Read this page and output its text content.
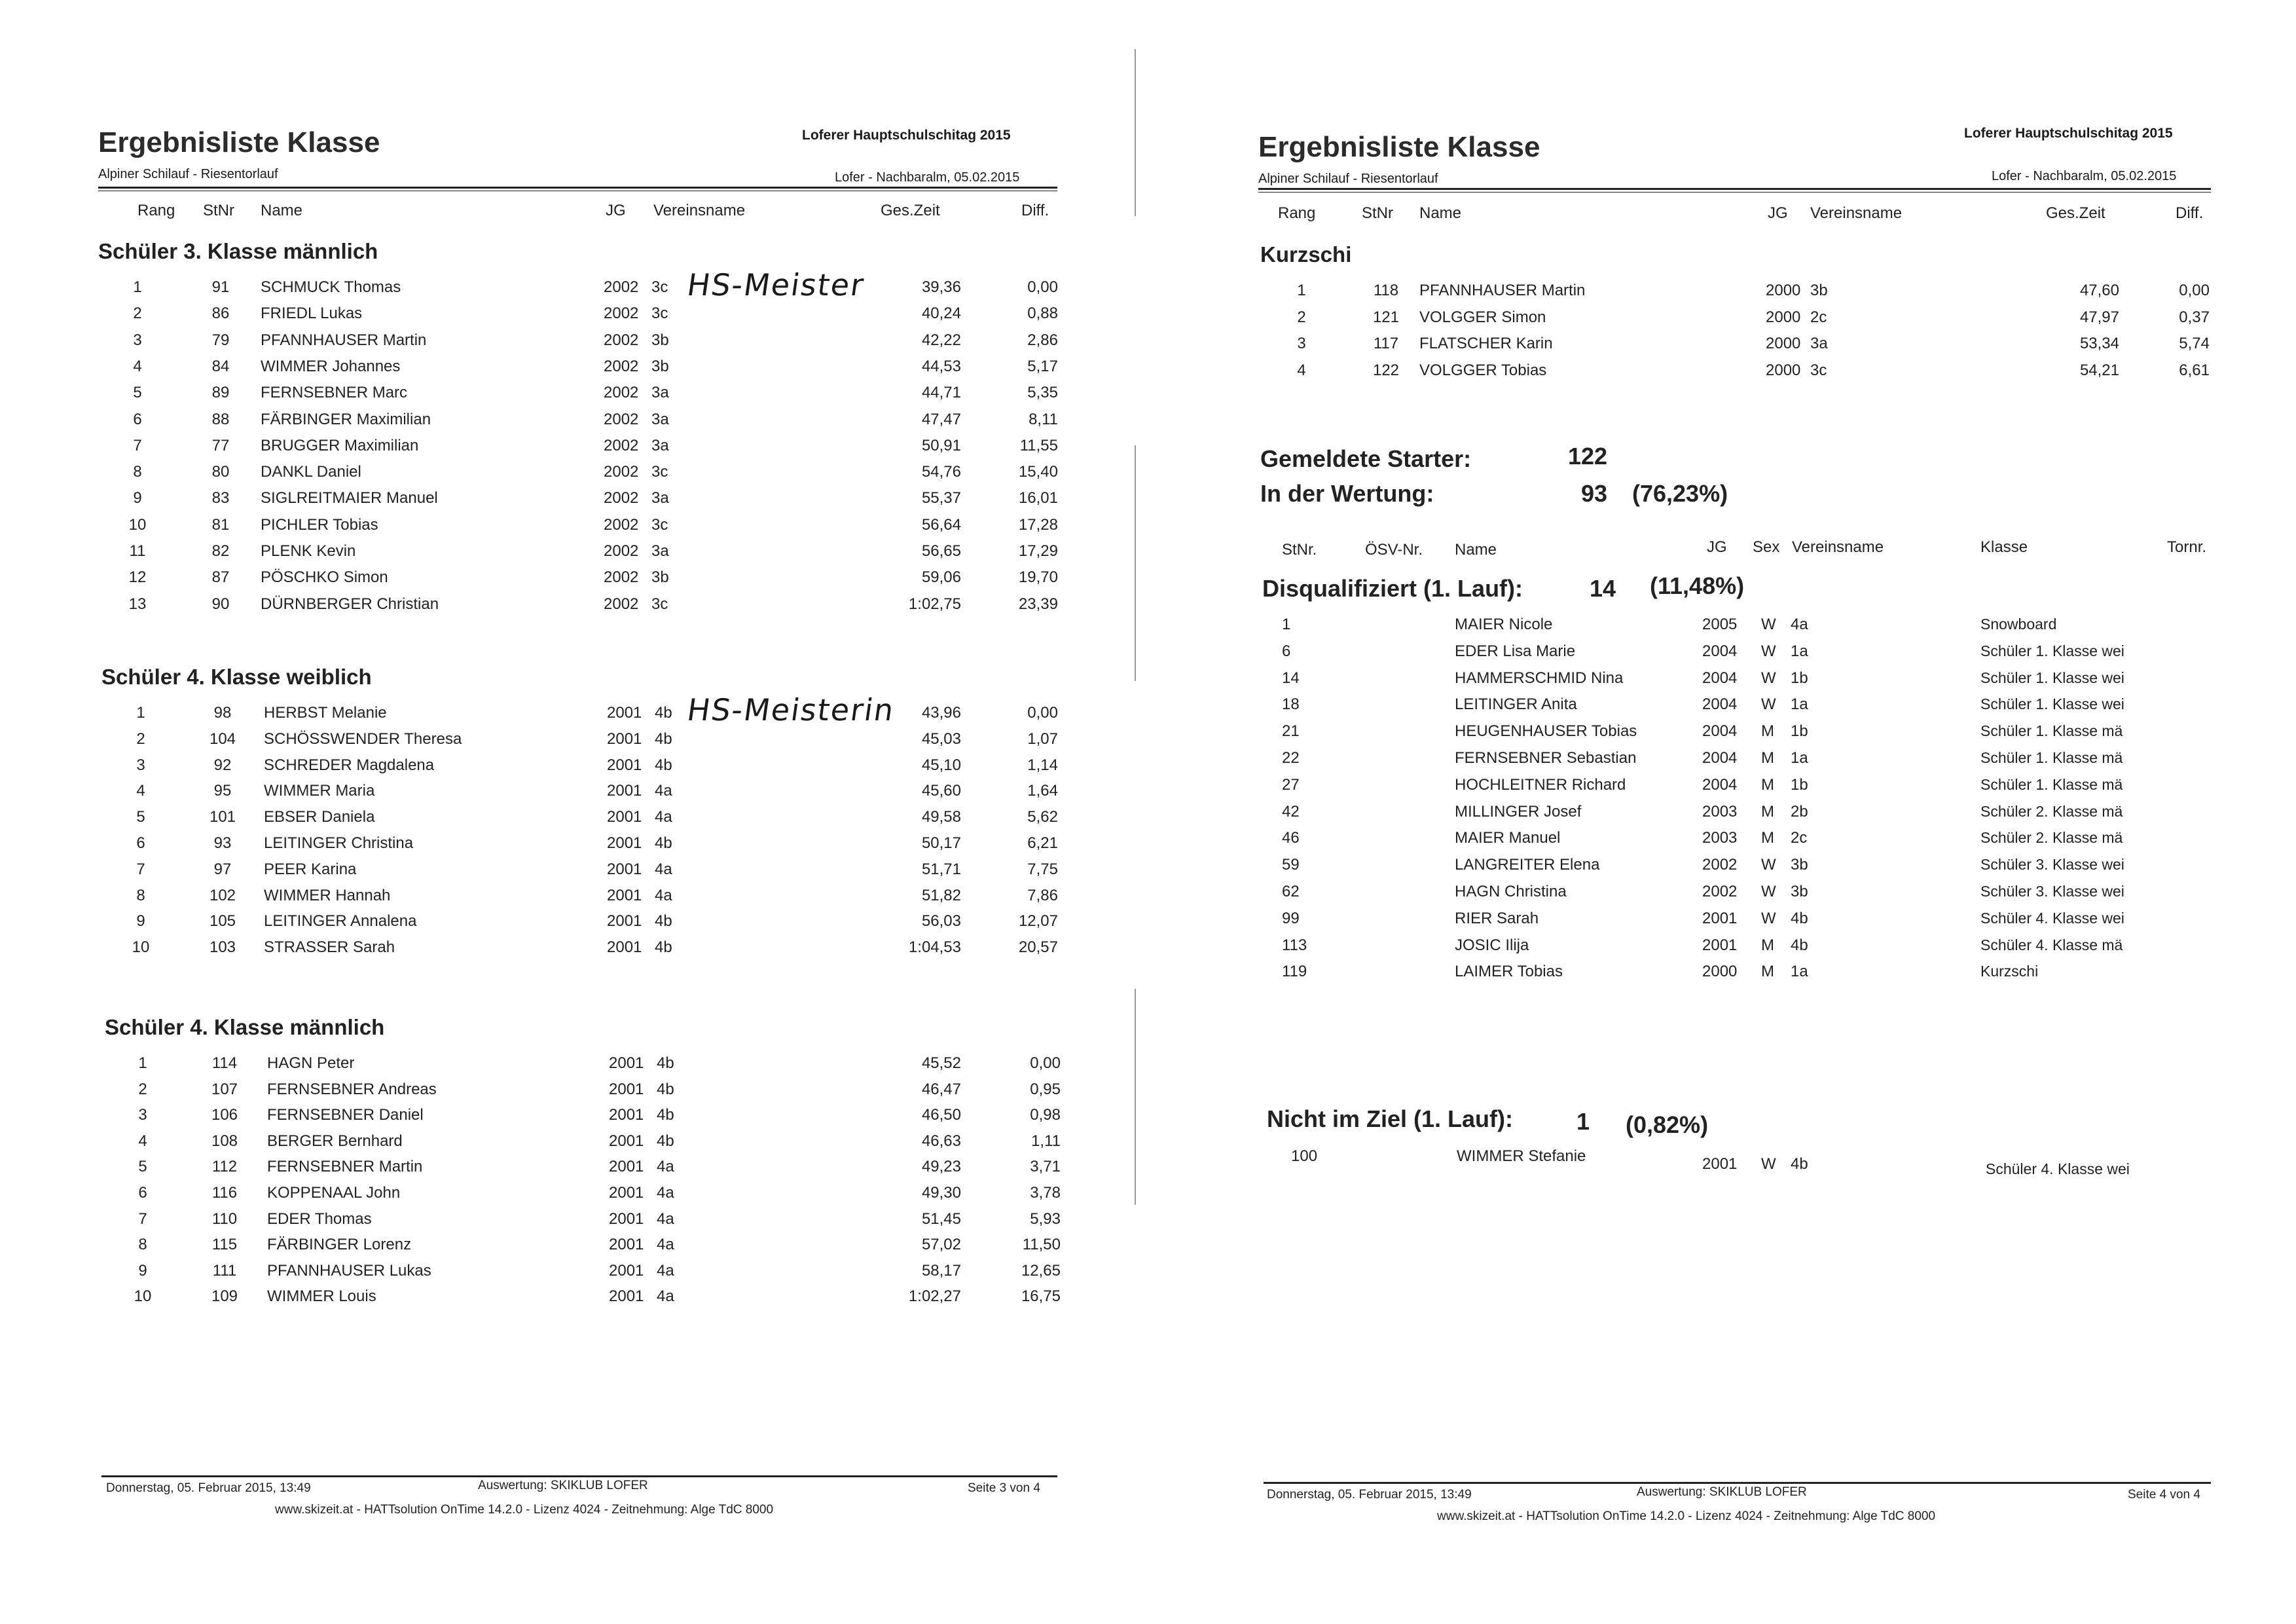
Ergebnisliste Klasse	Loferer Hauptschulschitag 2015
Alpiner Schilauf - Riesentorlauf	Lofer - Nachbaralm, 05.02.2015
Rang StNr Name	JG Vereinsname	Ges.Zeit	Diff.
Schüler 3. Klasse männlich
HS-Meister
1	91	SCHMUCK Thomas	2002 3c	39,36	0,00
2	86	FRIEDL Lukas	2002 3c	40,24	0,88
3	79	PFANNHAUSER Martin	2002 3b	42,22	2,86
4	84	WIMMER Johannes	2002 3b	44,53	5,17
5	89	FERNSEBNER Marc	2002 3a	44,71	5,35
6	88	FÄRBINGER Maximilian	2002 3a	47,47	8,11
7	77	BRUGGER Maximilian	2002 3a	50,91	11,55
8	80	DANKL Daniel	2002 3c	54,76	15,40
9	83	SIGLREITMAIER Manuel	2002 3a	55,37	16,01
10	81	PICHLER Tobias	2002 3c	56,64	17,28
11	82	PLENK Kevin	2002 3a	56,65	17,29
12	87	PÖSCHKO Simon	2002 3b	59,06	19,70
13	90	DÜRNBERGER Christian	2002 3c	1:02,75	23,39
Schüler 4. Klasse weiblich
HS-Meisterin
1	98	HERBST Melanie	2001 4b	43,96	0,00
2	104	SCHÖSSWENDER Theresa	2001 4b	45,03	1,07
3	92	SCHREDER Magdalena	2001 4b	45,10	1,14
4	95	WIMMER Maria	2001 4a	45,60	1,64
5	101	EBSER Daniela	2001 4a	49,58	5,62
6	93	LEITINGER Christina	2001 4b	50,17	6,21
7	97	PEER Karina	2001 4a	51,71	7,75
8	102	WIMMER Hannah	2001 4a	51,82	7,86
9	105	LEITINGER Annalena	2001 4b	56,03	12,07
10	103	STRASSER Sarah	2001 4b	1:04,53	20,57
Schüler 4. Klasse männlich
1	114	HAGN Peter	2001 4b	45,52	0,00
2	107	FERNSEBNER Andreas	2001 4b	46,47	0,95
3	106	FERNSEBNER Daniel	2001 4b	46,50	0,98
4	108	BERGER Bernhard	2001 4b	46,63	1,11
5	112	FERNSEBNER Martin	2001 4a	49,23	3,71
6	116	KOPPENAAL John	2001 4a	49,30	3,78
7	110	EDER Thomas	2001 4a	51,45	5,93
8	115	FÄRBINGER Lorenz	2001 4a	57,02	11,50
9	111	PFANNHAUSER Lukas	2001 4a	58,17	12,65
10	109	WIMMER Louis	2001 4a	1:02,27	16,75
Donnerstag, 05. Februar 2015, 13:49	Auswertung: SKIKLUB LOFER	Seite 3 von 4
www.skizeit.at - HATTsolution OnTime 14.2.0 - Lizenz 4024 - Zeitnehmung: Alge TdC 8000
Ergebnisliste Klasse	Loferer Hauptschulschitag 2015
Alpiner Schilauf - Riesentorlauf	Lofer - Nachbaralm, 05.02.2015
Rang	StNr Name	JG Vereinsname	Ges.Zeit	Diff.
Kurzschi
1	118	PFANNHAUSER Martin	2000 3b	47,60	0,00
2	121	VOLGGER Simon	2000 2c	47,97	0,37
3	117	FLATSCHER Karin	2000 3a	53,34	5,74
4	122	VOLGGER Tobias	2000 3c	54,21	6,61
Gemeldete Starter:	122
In der Wertung:	93 (76,23%)
StNr.	ÖSV-Nr. Name	JG Sex Vereinsname	Klasse	Tornr.
Disqualifiziert (1. Lauf):	14 (11,48%)
1	MAIER Nicole	2005 W 4a	Snowboard
6	EDER Lisa Marie	2004 W 1a	Schüler 1. Klasse wei
14	HAMMERSCHMID Nina	2004 W 1b	Schüler 1. Klasse wei
18	LEITINGER Anita	2004 W 1a	Schüler 1. Klasse wei
21	HEUGENHAUSER Tobias	2004 M 1b	Schüler 1. Klasse mä
22	FERNSEBNER Sebastian	2004 M 1a	Schüler 1. Klasse mä
27	HOCHLEITNER Richard	2004 M 1b	Schüler 1. Klasse mä
42	MILLINGER Josef	2003 M 2b	Schüler 2. Klasse mä
46	MAIER Manuel	2003 M 2c	Schüler 2. Klasse mä
59	LANGREITER Elena	2002 W 3b	Schüler 3. Klasse wei
62	HAGN Christina	2002 W 3b	Schüler 3. Klasse wei
99	RIER Sarah	2001 W 4b	Schüler 4. Klasse wei
113	JOSIC Ilija	2001 M 4b	Schüler 4. Klasse mä
119	LAIMER Tobias	2000 M 1a	Kurzschi
Nicht im Ziel (1. Lauf):	1 (0,82%)
100	WIMMER Stefanie	2001 W 4b	Schüler 4. Klasse wei
Donnerstag, 05. Februar 2015, 13:49	Auswertung: SKIKLUB LOFER	Seite 4 von 4
www.skizeit.at - HATTsolution OnTime 14.2.0 - Lizenz 4024 - Zeitnehmung: Alge TdC 8000
